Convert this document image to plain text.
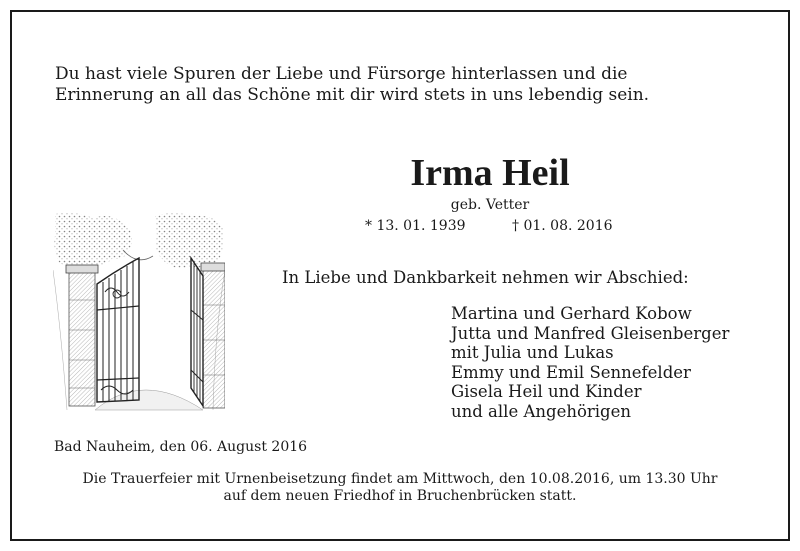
Du hast viele Spuren der Liebe und Fürsorge hinterlassen und die
Erinnerung an all das Schöne mit dir wird stets in uns lebendig sein.
Irma Heil
geb. Vetter
* 13. 01. 1939	† 01. 08. 2016
In Liebe und Dankbarkeit nehmen wir Abschied:
Martina und Gerhard Kobow
Jutta und Manfred Gleisenberger
mit Julia und Lukas
Emmy und Emil Sennefelder
Gisela Heil und Kinder
und alle Angehörigen
Bad Nauheim, den 06. August 2016
Die Trauerfeier mit Urnenbeisetzung findet am Mittwoch, den 10.08.2016, um 13.30 Uhr
auf dem neuen Friedhof in Bruchenbrücken statt.
